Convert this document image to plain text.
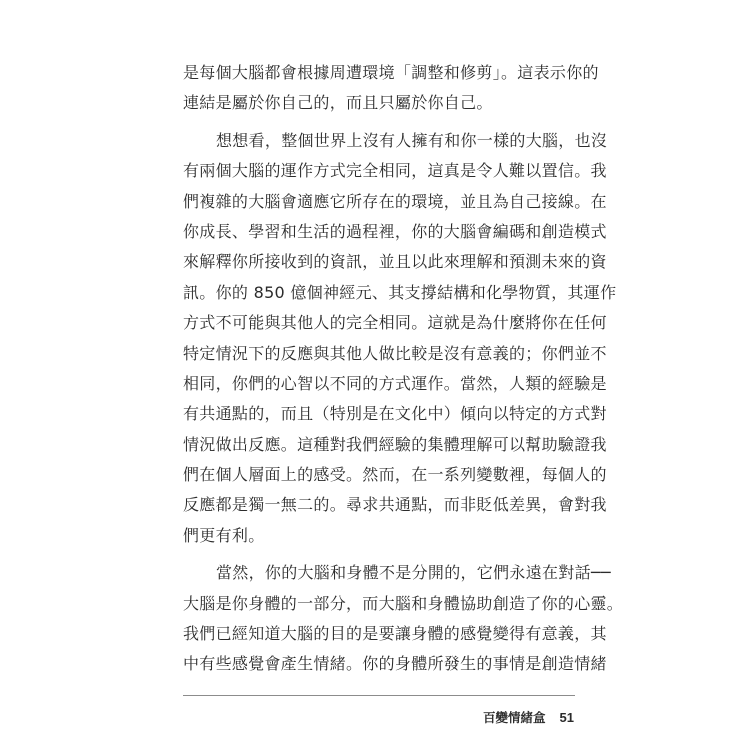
是每個大腦都會根據周遭環境「調整和修剪」。這表示你的
連結是屬於你自己的，而且只屬於你自己。
想想看，整個世界上沒有人擁有和你一樣的大腦，也沒
有兩個大腦的運作方式完全相同，這真是令人難以置信。我
們複雜的大腦會適應它所存在的環境，並且為自己接線。在
你成長、學習和生活的過程裡，你的大腦會編碼和創造模式
來解釋你所接收到的資訊，並且以此來理解和預測未來的資
訊。你的 850 億個神經元、其支撐結構和化學物質，其運作
方式不可能與其他人的完全相同。這就是為什麼將你在任何
特定情況下的反應與其他人做比較是沒有意義的；你們並不
相同，你們的心智以不同的方式運作。當然，人類的經驗是
有共通點的，而且（特別是在文化中）傾向以特定的方式對
情況做出反應。這種對我們經驗的集體理解可以幫助驗證我
們在個人層面上的感受。然而，在一系列變數裡，每個人的
反應都是獨一無二的。尋求共通點，而非貶低差異，會對我
們更有利。
當然，你的大腦和身體不是分開的，它們永遠在對話──
大腦是你身體的一部分，而大腦和身體協助創造了你的心靈。
我們已經知道大腦的目的是要讓身體的感覺變得有意義，其
中有些感覺會產生情緒。你的身體所發生的事情是創造情緒
百變情緒盒 51
